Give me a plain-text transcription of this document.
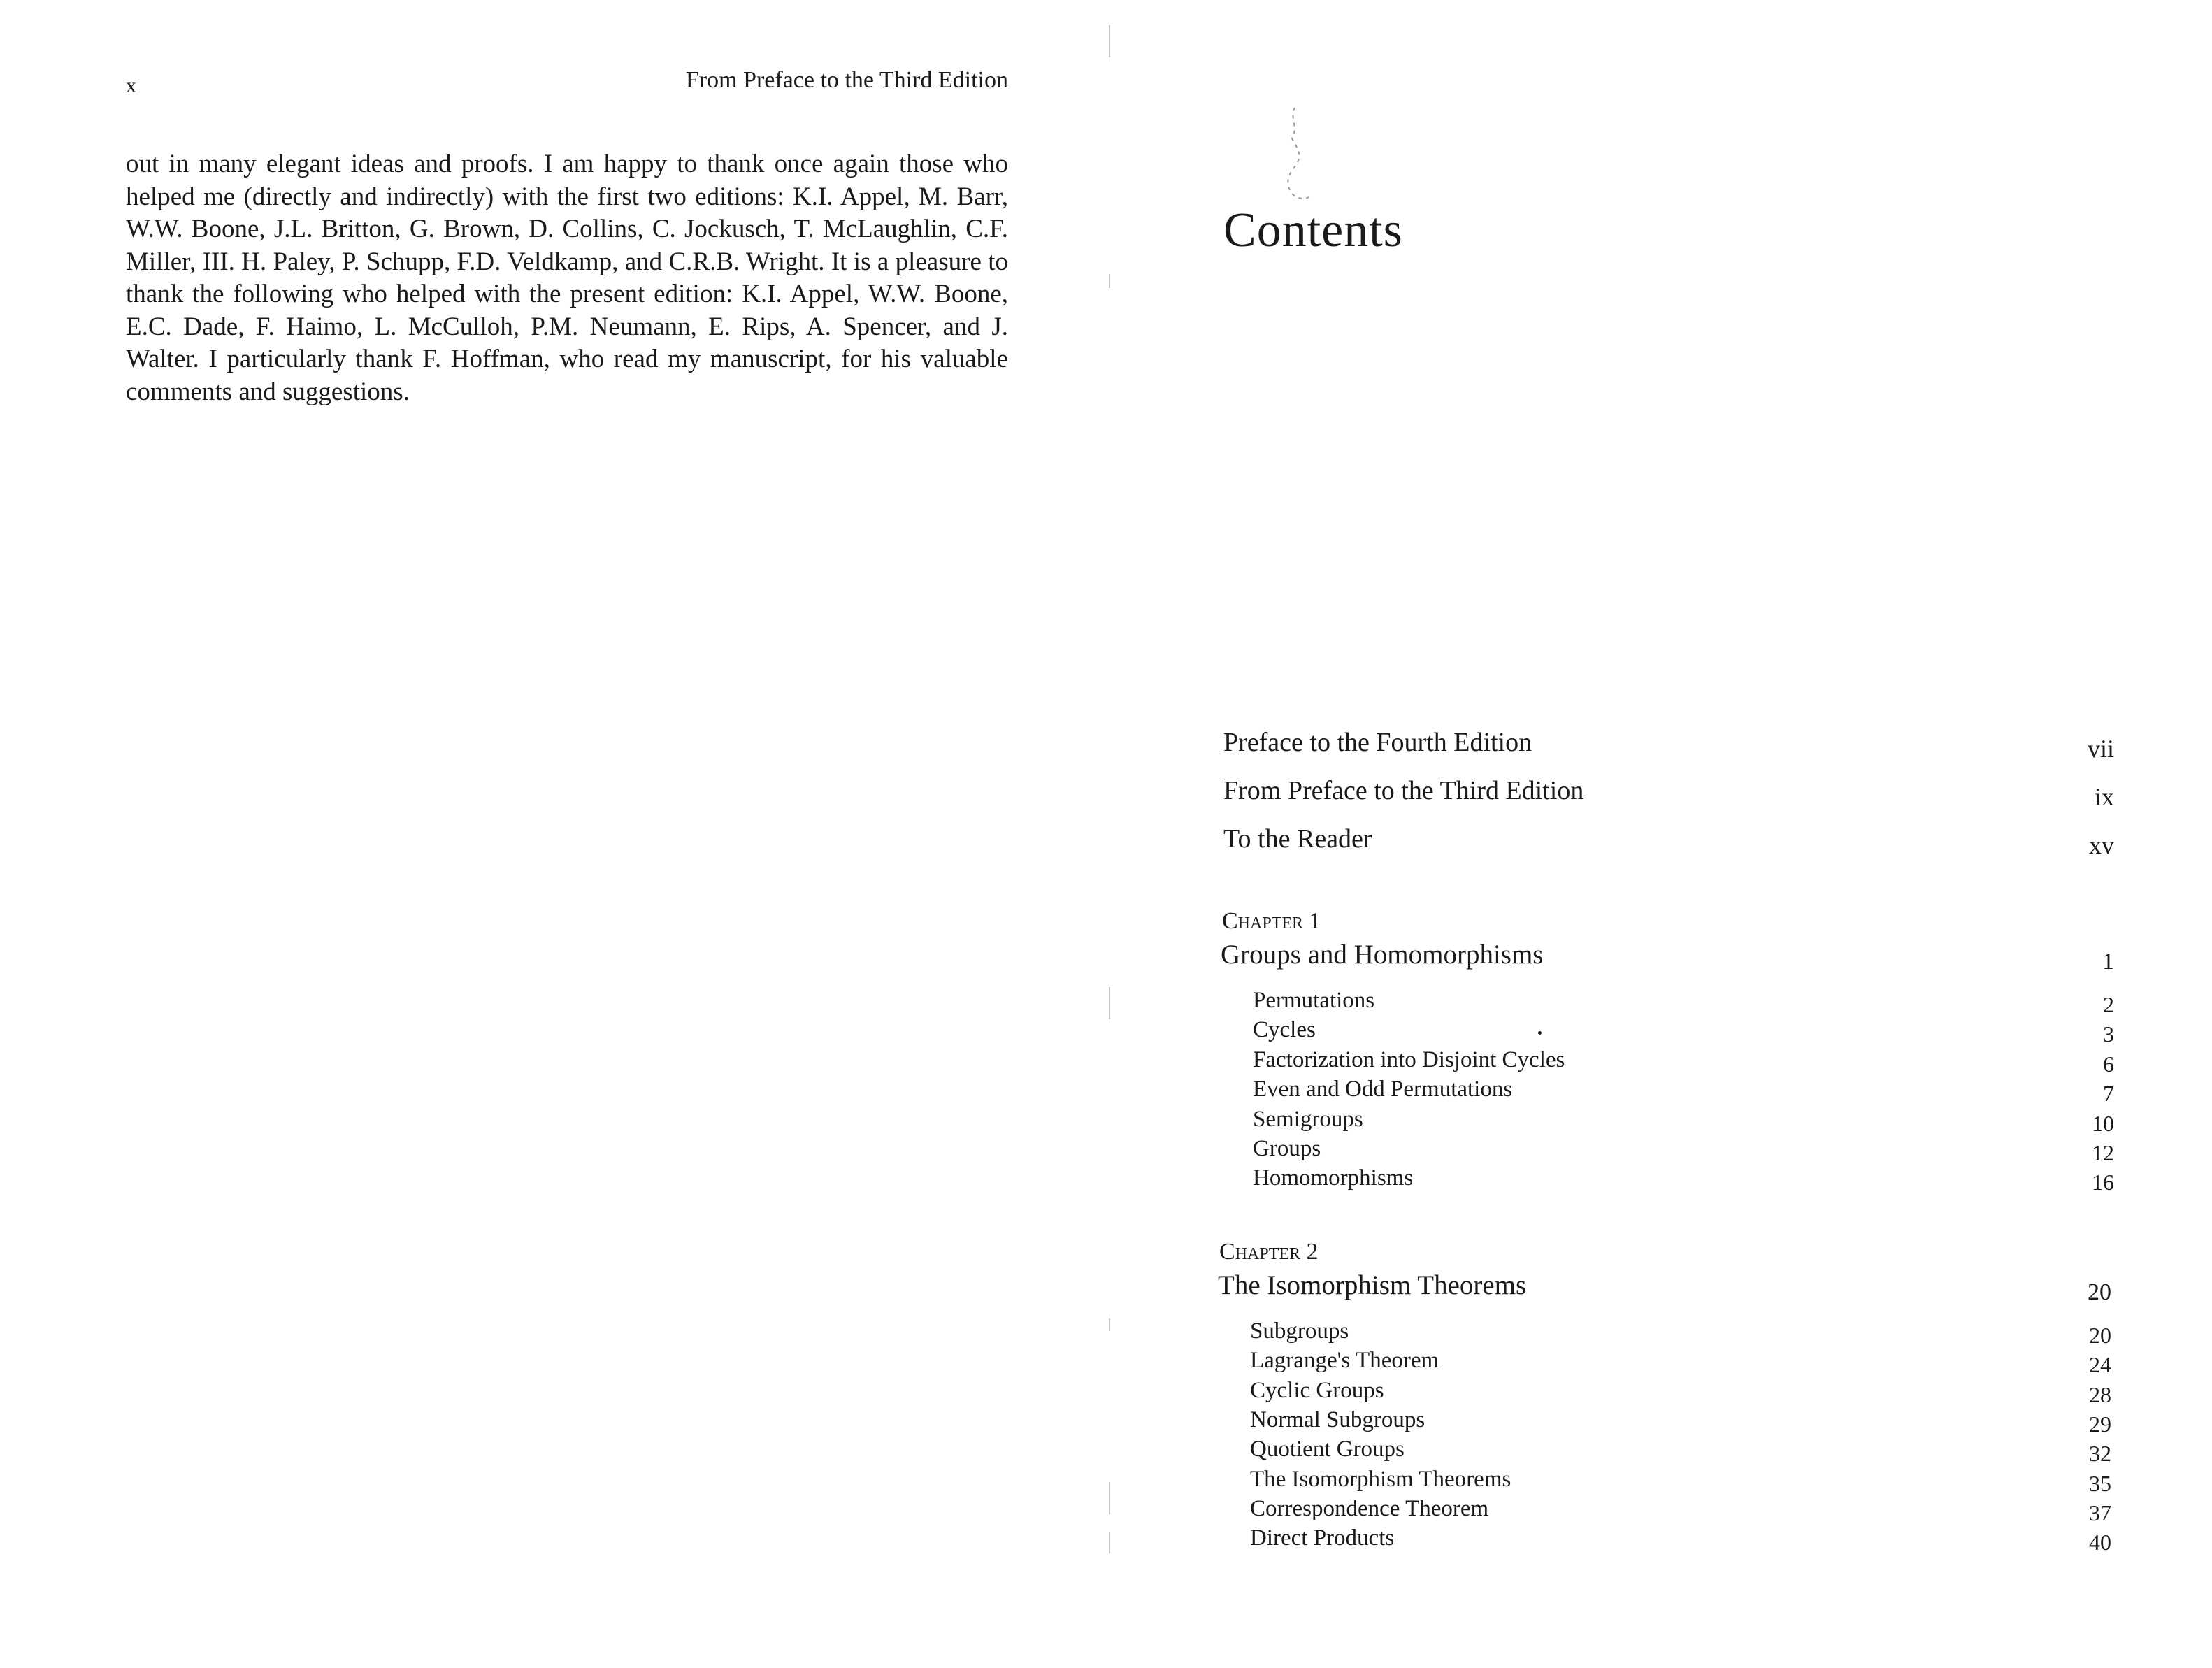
x	From Preface to the Third Edition

out in many elegant ideas and proofs. I am happy to thank once again those who helped me (directly and indirectly) with the first two editions: K.I. Appel, M. Barr, W.W. Boone, J.L. Britton, G. Brown, D. Collins, C. Jockusch, T. McLaughlin, C.F. Miller, III. H. Paley, P. Schupp, F.D. Veldkamp, and C.R.B. Wright. It is a pleasure to thank the following who helped with the present edition: K.I. Appel, W.W. Boone, E.C. Dade, F. Haimo, L. McCulloh, P.M. Neumann, E. Rips, A. Spencer, and J. Walter. I particularly thank F. Hoffman, who read my manuscript, for his valuable comments and suggestions.

Contents
Preface to the Fourth Edition	vii
From Preface to the Third Edition	ix
To the Reader	xv
Chapter 1
Groups and Homomorphisms	1
Permutations	2
Cycles	3
Factorization into Disjoint Cycles	6
Even and Odd Permutations	7
Semigroups	10
Groups	12
Homomorphisms	16
Chapter 2
The Isomorphism Theorems	20
Subgroups	20
Lagrange's Theorem	24
Cyclic Groups	28
Normal Subgroups	29
Quotient Groups	32
The Isomorphism Theorems	35
Correspondence Theorem	37
Direct Products	40
